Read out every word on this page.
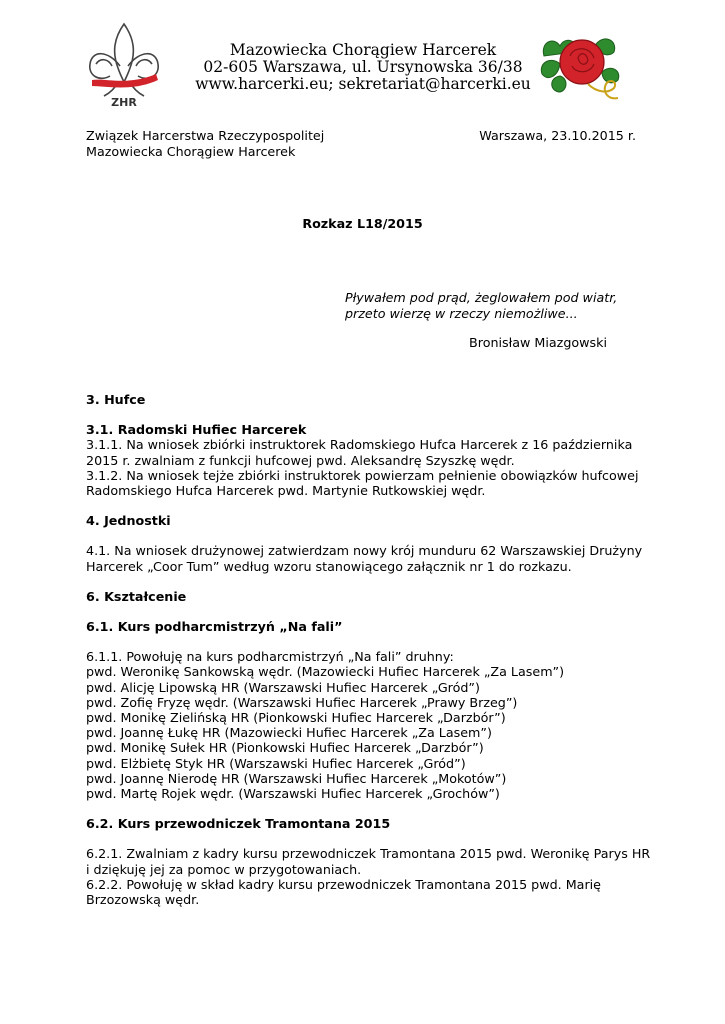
ZHR
Mazowiecka Chorągiew Harcerek
02-605 Warszawa, ul. Ursynowska 36/38
www.harcerki.eu; sekretariat@harcerki.eu
Związek Harcerstwa Rzeczypospolitej
Mazowiecka Chorągiew Harcerek
Warszawa, 23.10.2015 r.
Rozkaz L18/2015
Pływałem pod prąd, żeglowałem pod wiatr,
przeto wierzę w rzeczy niemożliwe...
Bronisław Miazgowski
3. Hufce
3.1. Radomski Hufiec Harcerek

3.1.1. Na wniosek zbiórki instruktorek Radomskiego Hufca Harcerek z 16 października
2015 r. zwalniam z funkcji hufcowej pwd. Aleksandrę Szyszkę wędr.
3.1.2. Na wniosek tejże zbiórki instruktorek powierzam pełnienie obowiązków hufcowej
Radomskiego Hufca Harcerek pwd. Martynie Rutkowskiej wędr.

4. Jednostki

4.1. Na wniosek drużynowej zatwierdzam nowy krój munduru 62 Warszawskiej Drużyny
Harcerek „Coor Tum” według wzoru stanowiącego załącznik nr 1 do rozkazu.

6. Kształcenie
6.1. Kurs podharcmistrzyń „Na fali”
6.1.1. Powołuję na kurs podharcmistrzyń „Na fali” druhny:
pwd. Weronikę Sankowską wędr. (Mazowiecki Hufiec Harcerek „Za Lasem”)
pwd. Alicję Lipowską HR (Warszawski Hufiec Harcerek „Gród”)
pwd. Zofię Fryzę wędr. (Warszawski Hufiec Harcerek „Prawy Brzeg”)
pwd. Monikę Zielińską HR (Pionkowski Hufiec Harcerek „Darzbór”)
pwd. Joannę Łukę HR (Mazowiecki Hufiec Harcerek „Za Lasem”)
pwd. Monikę Sułek HR (Pionkowski Hufiec Harcerek „Darzbór”)
pwd. Elżbietę Styk HR (Warszawski Hufiec Harcerek „Gród”)
pwd. Joannę Nierodę HR (Warszawski Hufiec Harcerek „Mokotów”)
pwd. Martę Rojek wędr. (Warszawski Hufiec Harcerek „Grochów”)
6.2. Kurs przewodniczek Tramontana 2015

6.2.1. Zwalniam z kadry kursu przewodniczek Tramontana 2015 pwd. Weronikę Parys HR
i dziękuję jej za pomoc w przygotowaniach.
6.2.2. Powołuję w skład kadry kursu przewodniczek Tramontana 2015 pwd. Marię
Brzozowską wędr.
